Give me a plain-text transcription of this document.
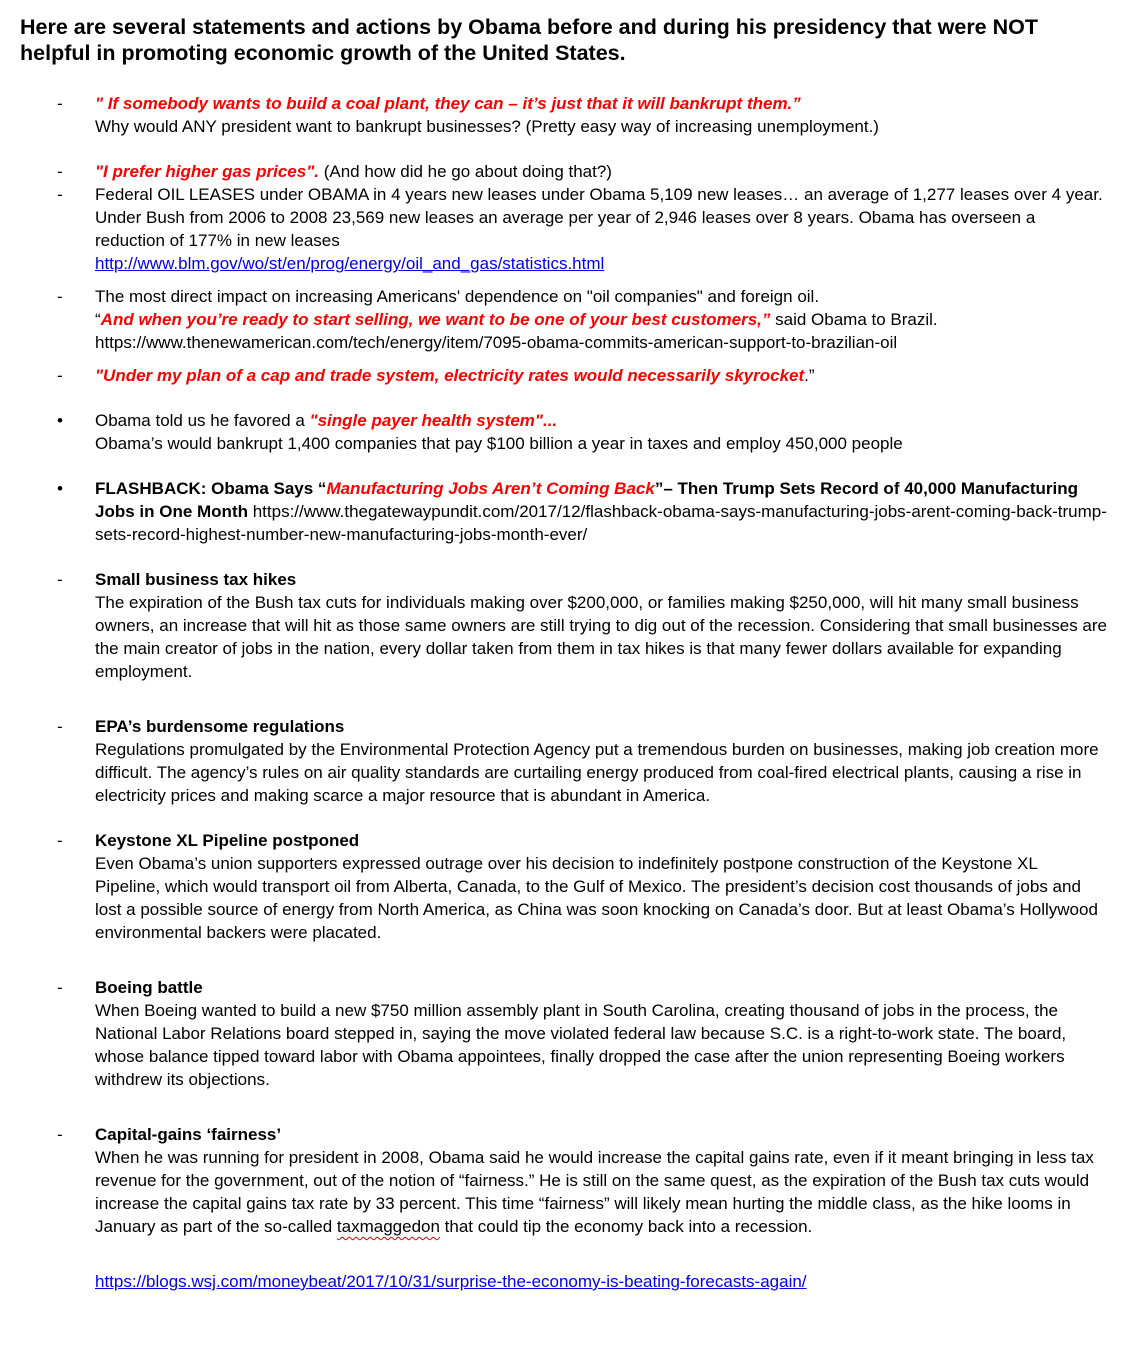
Here are several statements and actions by Obama before and during his presidency that were NOT helpful in promoting economic growth of the United States.
-	" If somebody wants to build a coal plant, they can – it’s just that it will bankrupt them.”
Why would ANY president want to bankrupt businesses? (Pretty easy way of increasing unemployment.)
-	"I prefer higher gas prices". (And how did he go about doing that?)
-	Federal OIL LEASES under OBAMA in 4 years new leases under Obama 5,109 new leases… an average of 1,277 leases over 4 year. Under Bush from 2006 to 2008 23,569 new leases an average per year of 2,946 leases over 8 years. Obama has overseen a reduction of 177% in new leases
http://www.blm.gov/wo/st/en/prog/energy/oil_and_gas/statistics.html
-	The most direct impact on increasing Americans' dependence on "oil companies" and foreign oil.
“And when you’re ready to start selling, we want to be one of your best customers,” said Obama to Brazil.
https://www.thenewamerican.com/tech/energy/item/7095-obama-commits-american-support-to-brazilian-oil
-	"Under my plan of a cap and trade system, electricity rates would necessarily skyrocket.”
•	Obama told us he favored a "single payer health system"...
Obama’s would bankrupt 1,400 companies that pay $100 billion a year in taxes and employ 450,000 people
•	FLASHBACK: Obama Says “Manufacturing Jobs Aren’t Coming Back”– Then Trump Sets Record of 40,000 Manufacturing Jobs in One Month https://www.thegatewaypundit.com/2017/12/flashback-obama-says-manufacturing-jobs-arent-coming-back-trump-sets-record-highest-number-new-manufacturing-jobs-month-ever/
-	Small business tax hikes
The expiration of the Bush tax cuts for individuals making over $200,000, or families making $250,000, will hit many small business owners, an increase that will hit as those same owners are still trying to dig out of the recession. Considering that small businesses are the main creator of jobs in the nation, every dollar taken from them in tax hikes is that many fewer dollars available for expanding employment.
-	EPA’s burdensome regulations
Regulations promulgated by the Environmental Protection Agency put a tremendous burden on businesses, making job creation more difficult. The agency’s rules on air quality standards are curtailing energy produced from coal-fired electrical plants, causing a rise in electricity prices and making scarce a major resource that is abundant in America.
-	Keystone XL Pipeline postponed
Even Obama’s union supporters expressed outrage over his decision to indefinitely postpone construction of the Keystone XL Pipeline, which would transport oil from Alberta, Canada, to the Gulf of Mexico. The president’s decision cost thousands of jobs and lost a possible source of energy from North America, as China was soon knocking on Canada’s door. But at least Obama’s Hollywood environmental backers were placated.
-	Boeing battle
When Boeing wanted to build a new $750 million assembly plant in South Carolina, creating thousand of jobs in the process, the National Labor Relations board stepped in, saying the move violated federal law because S.C. is a right-to-work state. The board, whose balance tipped toward labor with Obama appointees, finally dropped the case after the union representing Boeing workers withdrew its objections.
-	Capital-gains ‘fairness’
When he was running for president in 2008, Obama said he would increase the capital gains rate, even if it meant bringing in less tax revenue for the government, out of the notion of “fairness.” He is still on the same quest, as the expiration of the Bush tax cuts would increase the capital gains tax rate by 33 percent. This time “fairness” will likely mean hurting the middle class, as the hike looms in January as part of the so-called taxmaggedon that could tip the economy back into a recession.
https://blogs.wsj.com/moneybeat/2017/10/31/surprise-the-economy-is-beating-forecasts-again/
